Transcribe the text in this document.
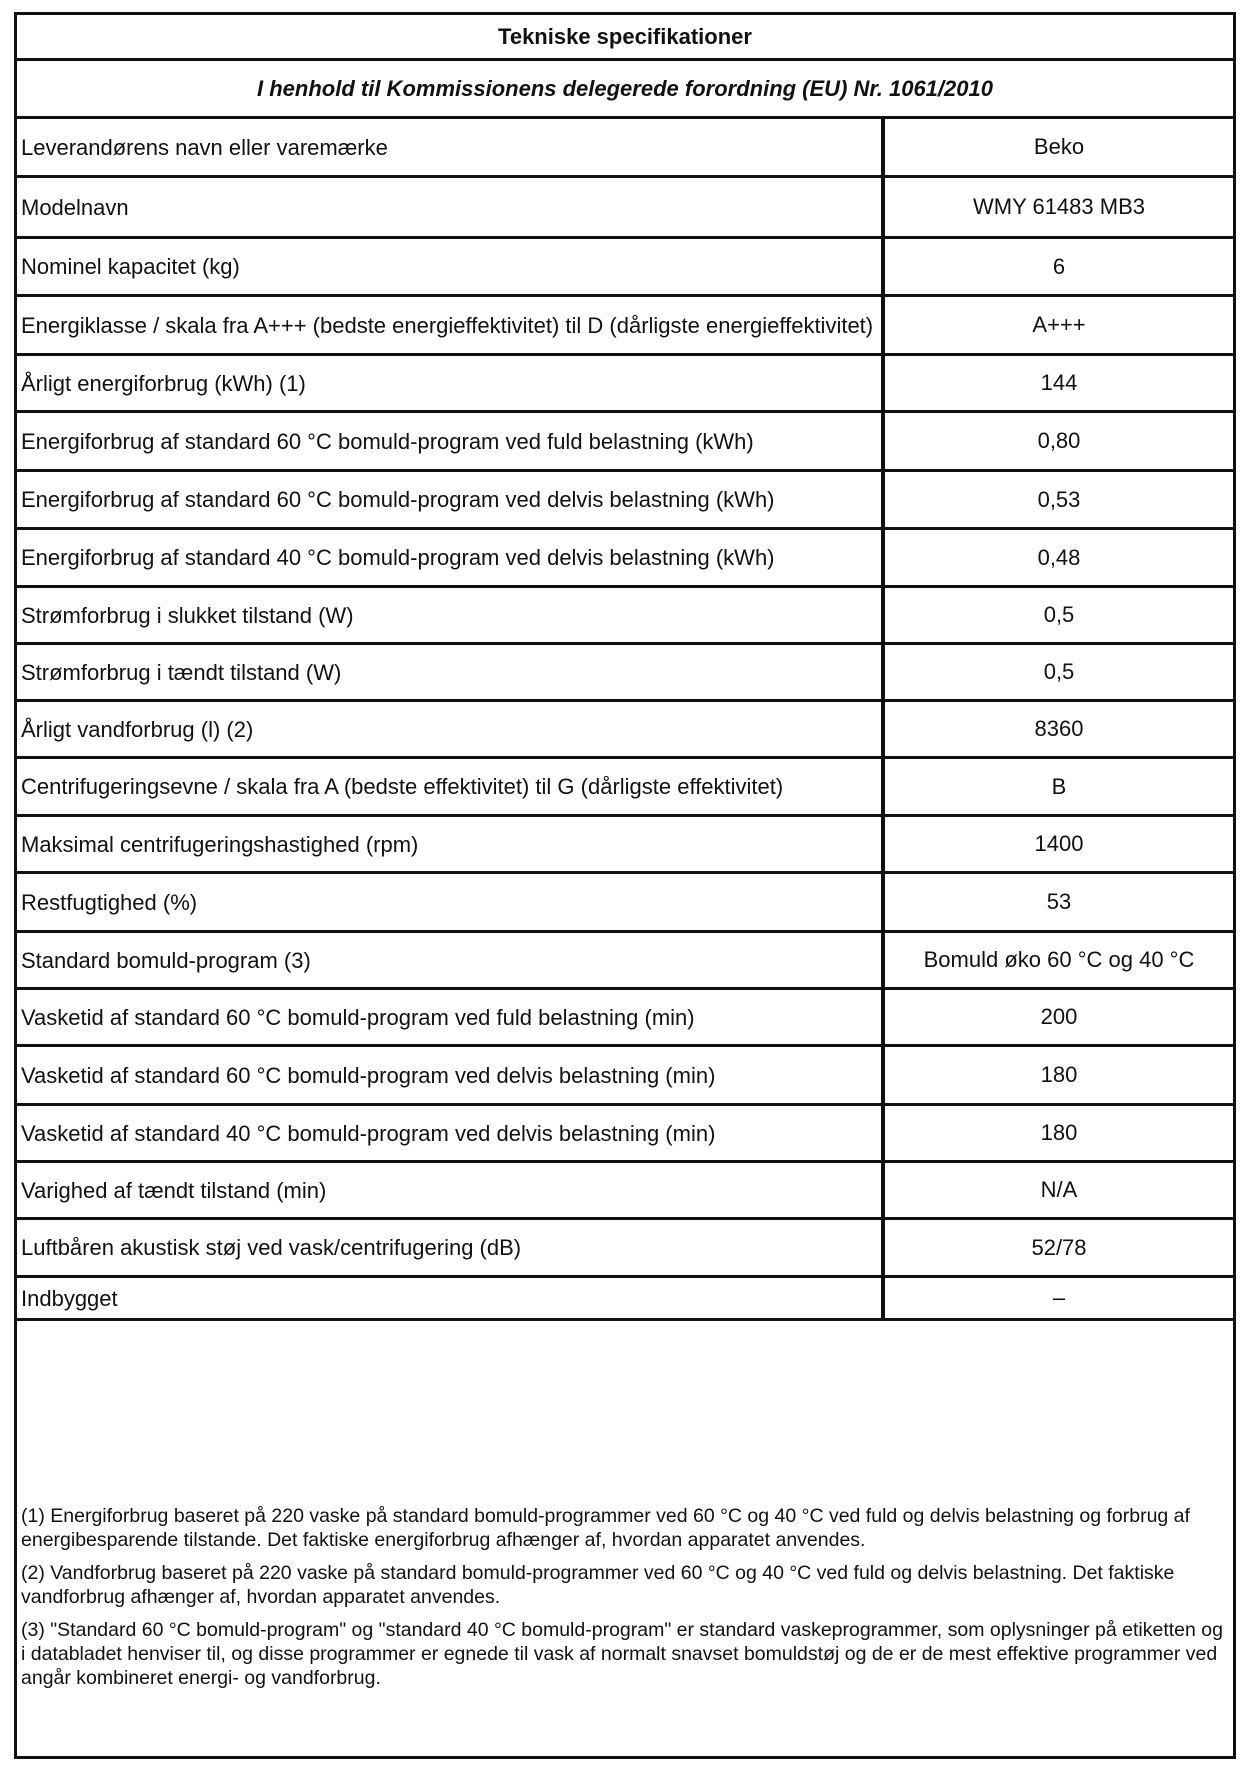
Tekniske specifikationer
I henhold til Kommissionens delegerede forordning (EU) Nr. 1061/2010
Leverandørens navn eller varemærke	Beko
Modelnavn	WMY 61483 MB3
Nominel kapacitet (kg)	6
Energiklasse / skala fra A+++ (bedste energieffektivitet) til D (dårligste energieffektivitet)	A+++
Årligt energiforbrug (kWh) (1)	144
Energiforbrug af standard 60 °C bomuld-program ved fuld belastning (kWh)	0,80
Energiforbrug af standard 60 °C bomuld-program ved delvis belastning (kWh)	0,53
Energiforbrug af standard 40 °C bomuld-program ved delvis belastning (kWh)	0,48
Strømforbrug i slukket tilstand (W)	0,5
Strømforbrug i tændt tilstand (W)	0,5
Årligt vandforbrug (l) (2)	8360
Centrifugeringsevne / skala fra A (bedste effektivitet) til G (dårligste effektivitet)	B
Maksimal centrifugeringshastighed (rpm)	1400
Restfugtighed (%)	53
Standard bomuld-program (3)	Bomuld øko 60 °C og 40 °C
Vasketid af standard 60 °C bomuld-program ved fuld belastning (min)	200
Vasketid af standard 60 °C bomuld-program ved delvis belastning (min)	180
Vasketid af standard 40 °C bomuld-program ved delvis belastning (min)	180
Varighed af tændt tilstand (min)	N/A
Luftbåren akustisk støj ved vask/centrifugering (dB)	52/78
Indbygget	–

(1) Energiforbrug baseret på 220 vaske på standard bomuld-programmer ved 60 °C og 40 °C ved fuld og delvis belastning og forbrug af energibesparende tilstande. Det faktiske energiforbrug afhænger af, hvordan apparatet anvendes.

(2) Vandforbrug baseret på 220 vaske på standard bomuld-programmer ved 60 °C og 40 °C ved fuld og delvis belastning. Det faktiske vandforbrug afhænger af, hvordan apparatet anvendes.

(3) "Standard 60 °C bomuld-program" og "standard 40 °C bomuld-program" er standard vaskeprogrammer, som oplysninger på etiketten og i databladet henviser til, og disse programmer er egnede til vask af normalt snavset bomuldstøj og de er de mest effektive programmer ved angår kombineret energi- og vandforbrug.
